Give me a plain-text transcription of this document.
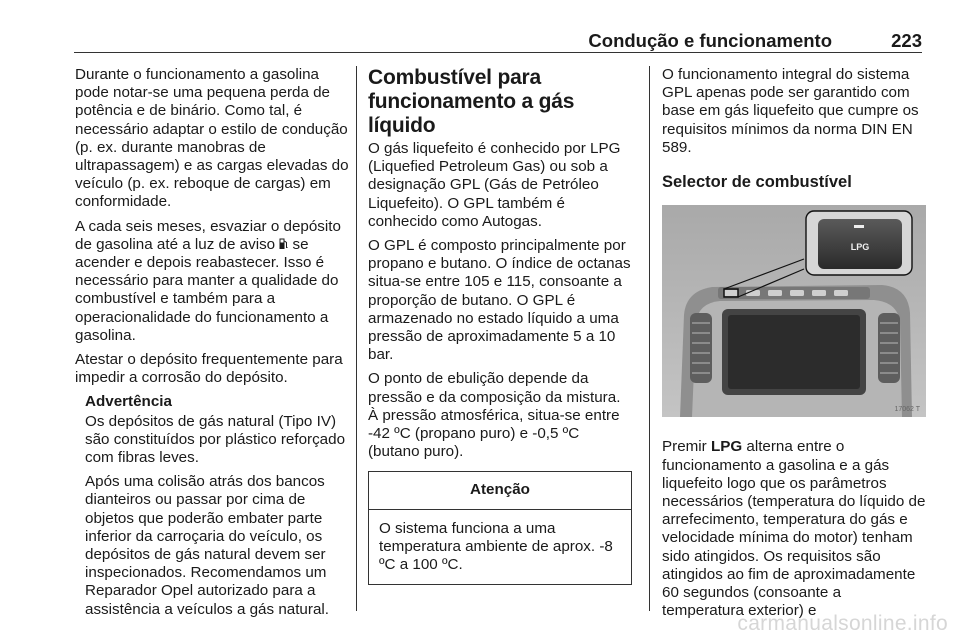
Condução e funcionamento	223

Durante o funcionamento a gasolina pode notar-se uma pequena perda de potência e de binário. Como tal, é necessário adaptar o estilo de condução (p. ex. durante manobras de ultrapassagem) e as cargas elevadas do veículo (p. ex. reboque de cargas) em conformidade.

A cada seis meses, esvaziar o depósito de gasolina até a luz de aviso  se acender e depois reabastecer. Isso é necessário para manter a qualidade do combustível e também para a operacionalidade do funcionamento a gasolina.

Atestar o depósito frequentemente para impedir a corrosão do depósito.

Advertência

Os depósitos de gás natural (Tipo IV) são constituídos por plástico reforçado com fibras leves.

Após uma colisão atrás dos bancos dianteiros ou passar por cima de objetos que poderão embater parte inferior da carroçaria do veículo, os depósitos de gás natural devem ser inspecionados. Recomendamos um Reparador Opel autorizado para a assistência a veículos a gás natural.

Combustível para funcionamento a gás líquido

O gás liquefeito é conhecido por LPG (Liquefied Petroleum Gas) ou sob a designação GPL (Gás de Petróleo Liquefeito). O GPL também é conhecido como Autogas.

O GPL é composto principalmente por propano e butano. O índice de octanas situa-se entre 105 e 115, consoante a proporção de butano. O GPL é armazenado no estado líquido a uma pressão de aproximadamente 5 a 10 bar.

O ponto de ebulição depende da pressão e da composição da mistura. À pressão atmosférica, situa-se entre -42 ºC (propano puro) e -0,5 ºC (butano puro).

Atenção
O sistema funciona a uma temperatura ambiente de aprox. -8 ºC a 100 ºC.

O funcionamento integral do sistema GPL apenas pode ser garantido com base em gás liquefeito que cumpre os requisitos mínimos da norma DIN EN 589.

Selector de combustível
LPG
17062 T

Premir LPG alterna entre o funcionamento a gasolina e a gás liquefeito logo que os parâmetros necessários (temperatura do líquido de arrefecimento, temperatura do gás e velocidade mínima do motor) tenham sido atingidos. Os requisitos são atingidos ao fim de aproximadamente 60 segundos (consoante a temperatura exterior) e

carmanualsonline.info
